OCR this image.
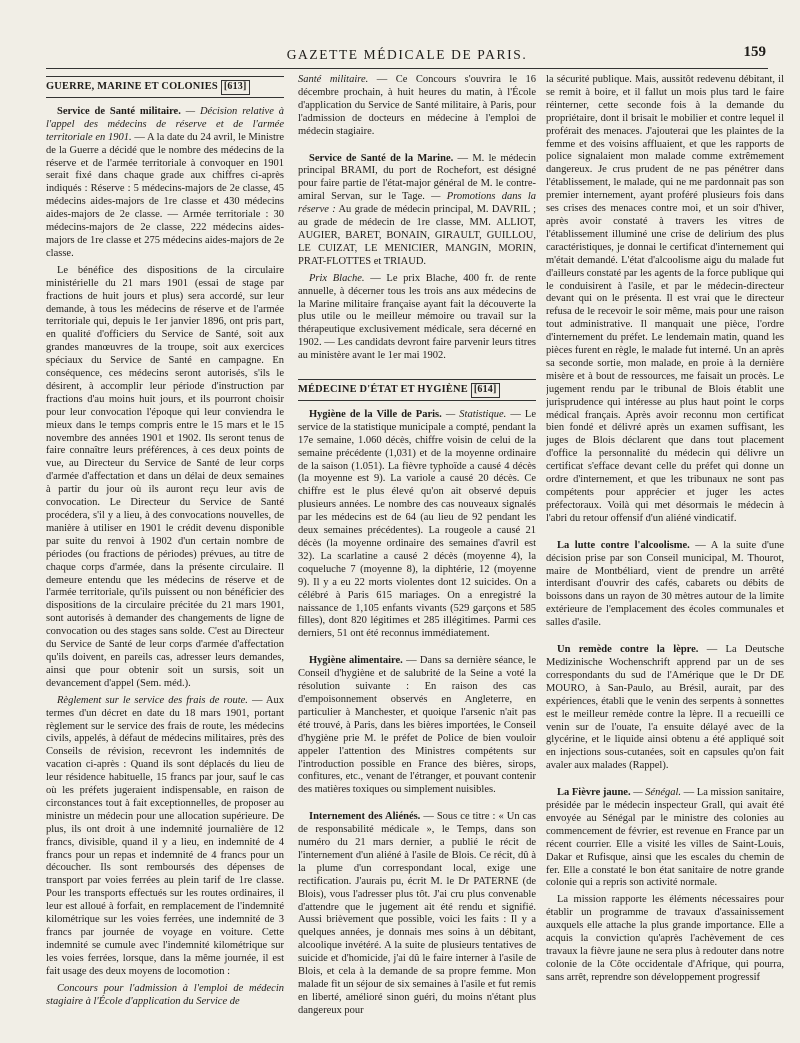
GAZETTE MÉDICALE DE PARIS.	159
GUERRE, MARINE ET COLONIES [613]

Service de Santé militaire. — Décision relative à l'appel des médecins de réserve et de l'armée territoriale en 1901. — A la date du 24 avril, le Ministre de la Guerre a décidé que le nombre des médecins de la réserve et de l'armée territoriale à convoquer en 1901 serait fixé dans chaque grade aux chiffres ci-après indiqués : Réserve : 5 médecins-majors de 2e classe, 45 médecins aides-majors de 1re classe et 430 médecins aides-majors de 2e classe. — Armée territoriale : 30 médecins-majors de 2e classe, 222 médecins aides-majors de 1re classe et 275 médecins aides-majors de 2e classe.

Le bénéfice des dispositions de la circulaire ministérielle du 21 mars 1901 (essai de stage par fractions de huit jours et plus) sera accordé, sur leur demande, à tous les médecins de réserve et de l'armée territoriale qui, depuis le 1er janvier 1896, ont pris part, en qualité d'officiers du Service de Santé, soit aux grandes manœuvres de la troupe, soit aux exercices spéciaux du Service de Santé en campagne. En conséquence, ces médecins seront autorisés, s'ils le désirent, à accomplir leur période d'instruction par fractions d'au moins huit jours, et ils pourront choisir pour leur convocation l'époque qui leur conviendra le mieux dans le temps compris entre le 15 mars et le 15 novembre des années 1901 et 1902. Ils seront tenus de faire connaître leurs préférences, à ces deux points de vue, au Directeur du Service de Santé de leur corps d'armée d'affectation et dans un délai de deux semaines à partir du jour où ils auront reçu leur avis de convocation. Le Directeur du Service de Santé procédera, s'il y a lieu, à des convocations nouvelles, de manière à utiliser en 1901 le crédit devenu disponible par suite du renvoi à 1902 d'un certain nombre de périodes (ou fractions de périodes) prévues, au titre de chaque corps d'armée, dans la présente circulaire. Il demeure entendu que les médecins de réserve et de l'armée territoriale, qu'ils puissent ou non bénéficier des dispositions de la circulaire précitée du 21 mars 1901, sont autorisés à demander des changements de ligne de convocation ou des stages sans solde. C'est au Directeur du Service de Santé de leur corps d'armée d'affectation qu'ils doivent, en pareils cas, adresser leurs demandes, ainsi que pour obtenir soit un sursis, soit un devancement d'appel (Sem. méd.).

Règlement sur le service des frais de route. — Aux termes d'un décret en date du 18 mars 1901, portant règlement sur le service des frais de route, les médecins civils, appelés, à défaut de médecins militaires, près des Conseils de révision, recevront les indemnités de vacation ci-après : Quand ils sont déplacés du lieu de leur résidence habituelle, 15 francs par jour, sauf le cas où les préfets jugeraient indispensable, en raison de circonstances tout à fait exceptionnelles, de proposer au ministre un médecin pour une allocation supérieure. De plus, ils ont droit à une indemnité journalière de 12 francs, divisible, quand il y a lieu, en indemnité de 4 francs pour un repas et indemnité de 4 francs pour un découcher. Ils sont remboursés des dépenses de transport par voies ferrées au plein tarif de 1re classe. Pour les transports effectués sur les routes ordinaires, il leur est alloué à forfait, en remplacement de l'indemnité kilométrique sur les voies ferrées, une indemnité de 3 francs par journée de voyage en voiture. Cette indemnité se cumule avec l'indemnité kilométrique sur les voies ferrées, lorsque, dans la même journée, il est fait usage des deux moyens de locomotion :

Concours pour l'admission à l'emploi de médecin stagiaire à l'École d'application du Service de

Santé militaire. — Ce Concours s'ouvrira le 16 décembre prochain, à huit heures du matin, à l'École d'application du Service de Santé militaire, à Paris, pour l'admission de docteurs en médecine à l'emploi de médecin stagiaire.

Service de Santé de la Marine. — M. le médecin principal BRAMI, du port de Rochefort, est désigné pour faire partie de l'état-major général de M. le contre-amiral Servan, sur le Tage. — Promotions dans la réserve : Au grade de médecin principal, M. DAVRIL ; au grade de médecin de 1re classe, MM. ALLIOT, AUGIER, BARET, BONAIN, GIRAULT, GUILLOU, LE CUIZAT, LE MENICIER, MANGIN, MORIN, PRAT-FLOTTES et TRIAUD.

Prix Blache. — Le prix Blache, 400 fr. de rente annuelle, à décerner tous les trois ans aux médecins de la Marine militaire française ayant fait la découverte la plus utile ou le meilleur mémoire ou travail sur la thérapeutique exclusivement médicale, sera décerné en 1902. — Les candidats devront faire parvenir leurs titres au ministère avant le 1er mai 1902.

MÉDECINE D'ÉTAT ET HYGIÈNE [614]

Hygiène de la Ville de Paris. — Statistique. — Le service de la statistique municipale a compté, pendant la 17e semaine, 1.060 décès, chiffre voisin de celui de la semaine précédente (1,031) et de la moyenne ordinaire de la saison (1.051). La fièvre typhoïde a causé 4 décès (la moyenne est 9). La variole a causé 20 décès. Ce chiffre est le plus élevé qu'on ait observé depuis plusieurs années. Le nombre des cas nouveaux signalés par les médecins est de 64 (au lieu de 92 pendant les deux semaines précédentes). La rougeole a causé 21 décès (la moyenne ordinaire des semaines d'avril est 32). La scarlatine a causé 2 décès (moyenne 4), la coqueluche 7 (moyenne 8), la diphtérie, 12 (moyenne 9). Il y a eu 22 morts violentes dont 12 suicides. On a célébré à Paris 615 mariages. On a enregistré la naissance de 1,105 enfants vivants (529 garçons et 585 filles), dont 820 légitimes et 285 illégitimes. Parmi ces derniers, 51 ont été reconnus immédiatement.

Hygiène alimentaire. — Dans sa dernière séance, le Conseil d'hygiène et de salubrité de la Seine a voté la résolution suivante : En raison des cas d'empoisonnement observés en Angleterre, en particulier à Manchester, et quoique l'arsenic n'ait pas été trouvé, à Paris, dans les bières importées, le Conseil d'hygiène prie M. le préfet de Police de bien vouloir appeler l'attention des Ministres compétents sur l'introduction possible en France des bières, sirops, confitures, etc., venant de l'étranger, et pouvant contenir des matières toxiques ou simplement nuisibles.

Internement des Aliénés. — Sous ce titre : « Un cas de responsabilité médicale », le Temps, dans son numéro du 21 mars dernier, a publié le récit de l'internement d'un aliéné à l'asile de Blois. Ce récit, dû à la plume d'un correspondant local, exige une rectification. J'aurais pu, écrit M. le Dr PATERNE (de Blois), vous l'adresser plus tôt. J'ai cru plus convenable d'attendre que le jugement ait été rendu et signifié. Aussi brièvement que possible, voici les faits : Il y a quelques années, je donnais mes soins à un débitant, alcoolique invétéré. A la suite de plusieurs tentatives de suicide et d'homicide, j'ai dû le faire interner à l'asile de Blois, et cela à la demande de sa propre femme. Mon malade fit un séjour de six semaines à l'asile et fut remis en liberté, amélioré sinon guéri, du moins n'étant plus dangereux pour

la sécurité publique. Mais, aussitôt redevenu débitant, il se remit à boire, et il fallut un mois plus tard le faire réinterner, cette seconde fois à la demande du propriétaire, dont il brisait le mobilier et contre lequel il proférait des menaces. J'ajouterai que les plaintes de la femme et des voisins affluaient, et que les rapports de police signalaient mon malade comme extrêmement dangereux. Je crus prudent de ne pas pénétrer dans l'établissement, le malade, qui ne me pardonnait pas son premier internement, ayant proféré plusieurs fois dans ses crises des menaces contre moi, et un soir d'hiver, après avoir constaté à travers les vitres de l'établissement illuminé une crise de delirium des plus caractéristiques, je donnai le certificat d'internement qui m'était demandé. L'état d'alcoolisme aigu du malade fut d'ailleurs constaté par les agents de la force publique qui le conduisirent à l'asile, et par le médecin-directeur devant qui on le présenta. Il est vrai que le directeur refusa de le recevoir le soir même, mais pour une raison tout administrative. Il manquait une pièce, l'ordre d'internement du préfet. Le lendemain matin, quand les pièces furent en règle, le malade fut interné. Un an après sa seconde sortie, mon malade, en proie à la dernière misère et à bout de ressources, me faisait un procès. Le jugement rendu par le tribunal de Blois établit une jurisprudence qui intéresse au plus haut point le corps médical français. Après avoir reconnu mon certificat bien fondé et délivré après un examen suffisant, les juges de Blois déclarent que dans tout placement d'office la personnalité du médecin qui délivre un certificat s'efface devant celle du préfet qui donne un ordre d'internement, et que les tribunaux ne sont pas compétents pour apprécier et juger les actes préfectoraux. Voilà qui met désormais le médecin à l'abri du retour offensif d'un aliéné vindicatif.

La lutte contre l'alcoolisme. — A la suite d'une décision prise par son Conseil municipal, M. Thourot, maire de Montbéliard, vient de prendre un arrêté interdisant d'ouvrir des cafés, cabarets ou débits de boissons dans un rayon de 30 mètres autour de la limite extérieure de l'emplacement des écoles communales et salles d'asile.

Un remède contre la lèpre. — La Deutsche Medizinische Wochenschrift apprend par un de ses correspondants du sud de l'Amérique que le Dr DE MOURO, à San-Paulo, au Brésil, aurait, par des expériences, établi que le venin des serpents à sonnettes est le meilleur remède contre la lèpre. Il a recueilli ce venin sur de l'ouate, l'a ensuite délayé avec de la glycérine, et le liquide ainsi obtenu a été appliqué soit en injections sous-cutanées, soit en capsules qu'on fait avaler aux malades (Rappel).

La Fièvre jaune. — Sénégal. — La mission sanitaire, présidée par le médecin inspecteur Grall, qui avait été envoyée au Sénégal par le ministre des colonies au commencement de février, est revenue en France par un récent courrier. Elle a visité les villes de Saint-Louis, Dakar et Rufisque, ainsi que les escales du chemin de fer. Elle a constaté le bon état sanitaire de notre grande colonie qui a repris son activité normale.

La mission rapporte les éléments nécessaires pour établir un programme de travaux d'assainissement auxquels elle attache la plus grande importance. Elle a acquis la conviction qu'après l'achèvement de ces travaux la fièvre jaune ne sera plus à redouter dans notre colonie de la Côte occidentale d'Afrique, qui pourra, sans arrêt, reprendre son développement progressif
